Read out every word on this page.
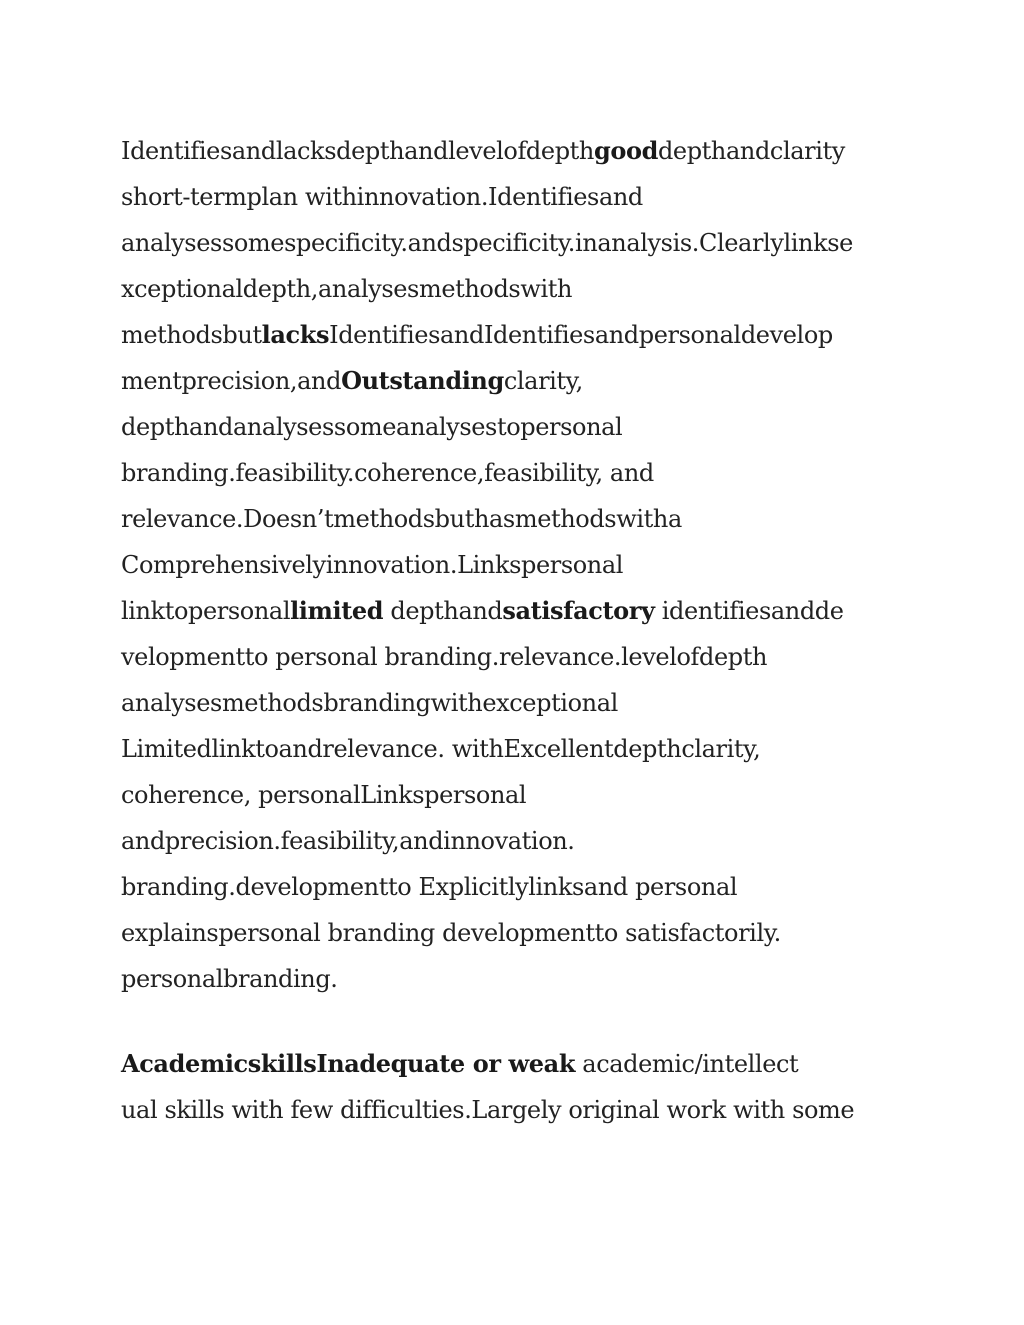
Identifiesandlacksdepthandlevelofdepthgooddepthandclarity
short-termplan withinnovation.Identifiesand
analysessomespecificity.andspecificity.inanalysis.Clearlylinkse
xceptionaldepth,analysesmethodswith
methodsbutlacksIdentifiesandIdentifiesandpersonaldevelop
mentprecision,andOutstandingclarity,
depthandanalysessomeanalysestopersonal
branding.feasibility.coherence,feasibility, and
relevance.Doesn’tmethodsbuthasmethodswitha
Comprehensivelyinnovation.Linkspersonal
linktopersonallimited depthandsatisfactory identifiesandde
velopmentto personal branding.relevance.levelofdepth
analysesmethodsbrandingwithexceptional
Limitedlinktoandrelevance. withExcellentdepthclarity,
coherence, personalLinkspersonal
andprecision.feasibility,andinnovation.
branding.developmentto Explicitlylinksand personal
explainspersonal branding developmentto satisfactorily.
personalbranding.
AcademicskillsInadequate or weak academic/intellect
ual skills with few difficulties.Largely original work with some
